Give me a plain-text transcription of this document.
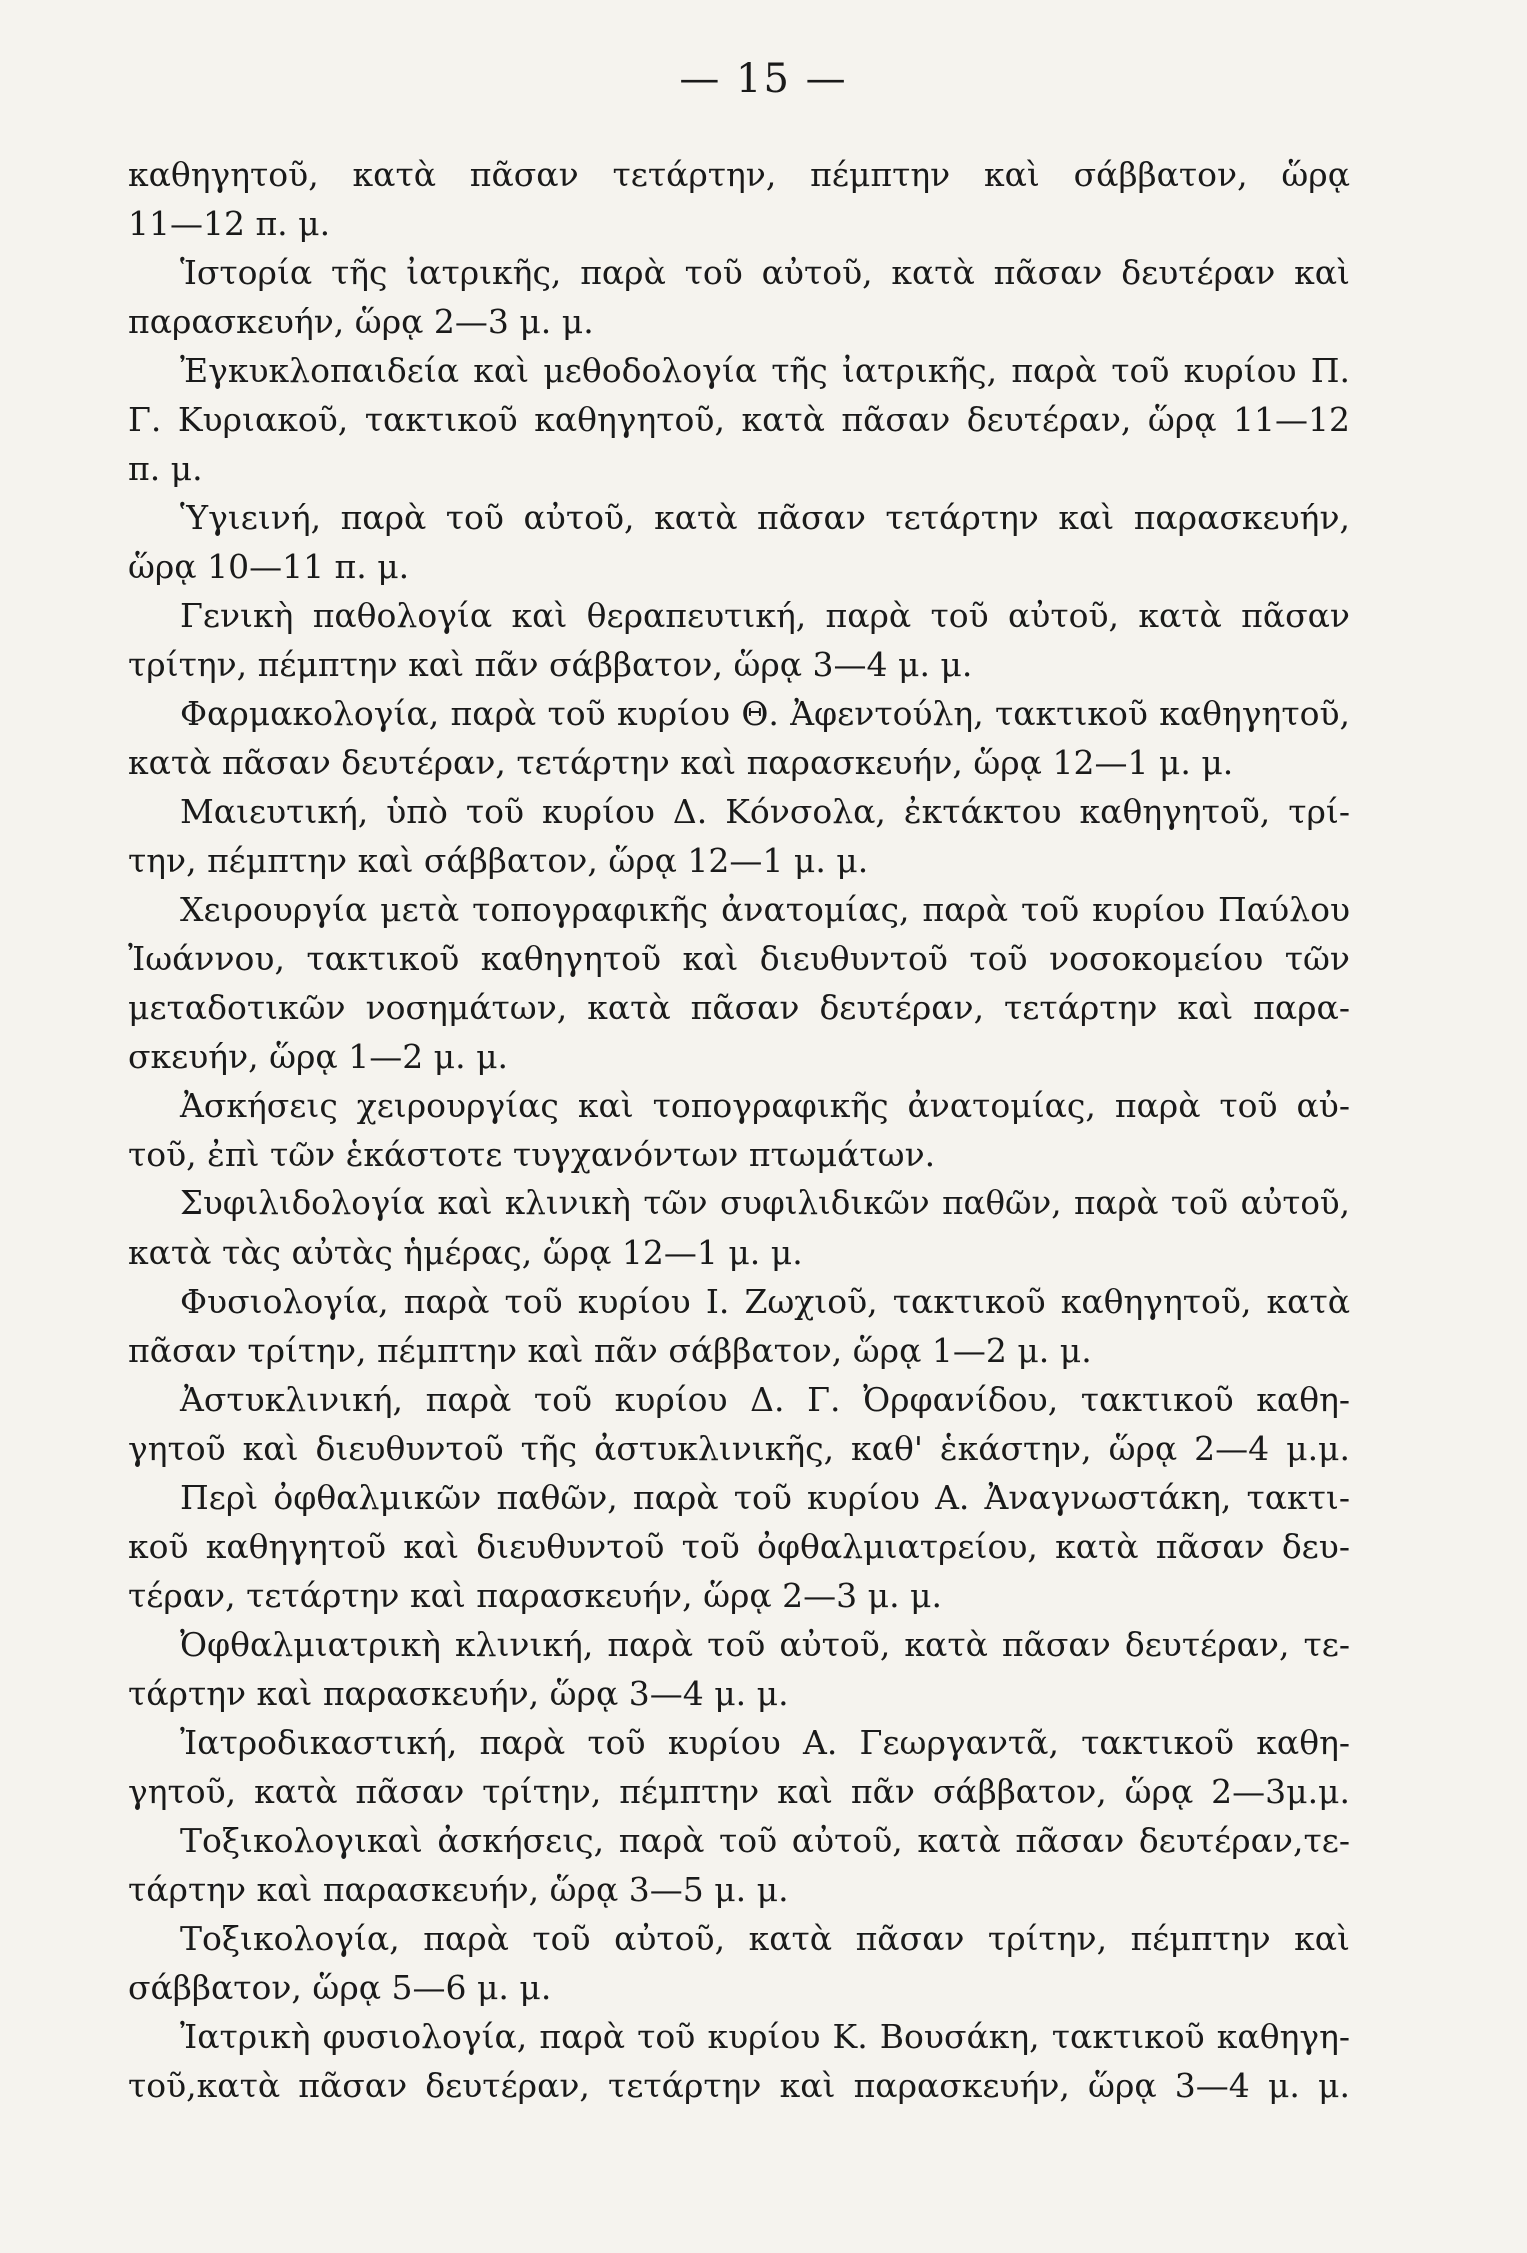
— 15 —
καθηγητοῦ, κατὰ πᾶσαν τετάρτην, πέμπτην καὶ σάββατον, ὥρᾳ
11—12 π. μ.
Ἱστορία τῆς ἰατρικῆς, παρὰ τοῦ αὐτοῦ, κατὰ πᾶσαν δευτέραν καὶ
παρασκευήν, ὥρᾳ 2—3 μ. μ.
Ἐγκυκλοπαιδεία καὶ μεθοδολογία τῆς ἰατρικῆς, παρὰ τοῦ κυρίου Π.
Γ. Κυριακοῦ, τακτικοῦ καθηγητοῦ, κατὰ πᾶσαν δευτέραν, ὥρᾳ 11—12
π. μ.
Ὑγιεινή, παρὰ τοῦ αὐτοῦ, κατὰ πᾶσαν τετάρτην καὶ παρασκευήν,
ὥρᾳ 10—11 π. μ.
Γενικὴ παθολογία καὶ θεραπευτική, παρὰ τοῦ αὐτοῦ, κατὰ πᾶσαν
τρίτην, πέμπτην καὶ πᾶν σάββατον, ὥρᾳ 3—4 μ. μ.
Φαρμακολογία, παρὰ τοῦ κυρίου Θ. Ἀφεντούλη, τακτικοῦ καθηγητοῦ,
κατὰ πᾶσαν δευτέραν, τετάρτην καὶ παρασκευήν, ὥρᾳ 12—1 μ. μ.
Μαιευτική, ὑπὸ τοῦ κυρίου Δ. Κόνσολα, ἐκτάκτου καθηγητοῦ, τρί-
την, πέμπτην καὶ σάββατον, ὥρᾳ 12—1 μ. μ.
Χειρουργία μετὰ τοπογραφικῆς ἀνατομίας, παρὰ τοῦ κυρίου Παύλου
Ἰωάννου, τακτικοῦ καθηγητοῦ καὶ διευθυντοῦ τοῦ νοσοκομείου τῶν
μεταδοτικῶν νοσημάτων, κατὰ πᾶσαν δευτέραν, τετάρτην καὶ παρα-
σκευήν, ὥρᾳ 1—2 μ. μ.
Ἀσκήσεις χειρουργίας καὶ τοπογραφικῆς ἀνατομίας, παρὰ τοῦ αὐ-
τοῦ, ἐπὶ τῶν ἑκάστοτε τυγχανόντων πτωμάτων.
Συφιλιδολογία καὶ κλινικὴ τῶν συφιλιδικῶν παθῶν, παρὰ τοῦ αὐτοῦ,
κατὰ τὰς αὐτὰς ἡμέρας, ὥρᾳ 12—1 μ. μ.
Φυσιολογία, παρὰ τοῦ κυρίου Ι. Ζωχιοῦ, τακτικοῦ καθηγητοῦ, κατὰ
πᾶσαν τρίτην, πέμπτην καὶ πᾶν σάββατον, ὥρᾳ 1—2 μ. μ.
Ἀστυκλινική, παρὰ τοῦ κυρίου Δ. Γ. Ὀρφανίδου, τακτικοῦ καθη-
γητοῦ καὶ διευθυντοῦ τῆς ἀστυκλινικῆς, καθ' ἑκάστην, ὥρᾳ 2—4 μ.μ.
Περὶ ὀφθαλμικῶν παθῶν, παρὰ τοῦ κυρίου Α. Ἀναγνωστάκη, τακτι-
κοῦ καθηγητοῦ καὶ διευθυντοῦ τοῦ ὀφθαλμιατρείου, κατὰ πᾶσαν δευ-
τέραν, τετάρτην καὶ παρασκευήν, ὥρᾳ 2—3 μ. μ.
Ὀφθαλμιατρικὴ κλινική, παρὰ τοῦ αὐτοῦ, κατὰ πᾶσαν δευτέραν, τε-
τάρτην καὶ παρασκευήν, ὥρᾳ 3—4 μ. μ.
Ἰατροδικαστική, παρὰ τοῦ κυρίου Α. Γεωργαντᾶ, τακτικοῦ καθη-
γητοῦ, κατὰ πᾶσαν τρίτην, πέμπτην καὶ πᾶν σάββατον, ὥρᾳ 2—3μ.μ.
Τοξικολογικαὶ ἀσκήσεις, παρὰ τοῦ αὐτοῦ, κατὰ πᾶσαν δευτέραν,τε-
τάρτην καὶ παρασκευήν, ὥρᾳ 3—5 μ. μ.
Τοξικολογία, παρὰ τοῦ αὐτοῦ, κατὰ πᾶσαν τρίτην, πέμπτην καὶ
σάββατον, ὥρᾳ 5—6 μ. μ.
Ἰατρικὴ φυσιολογία, παρὰ τοῦ κυρίου Κ. Βουσάκη, τακτικοῦ καθηγη-
τοῦ,κατὰ πᾶσαν δευτέραν, τετάρτην καὶ παρασκευήν, ὥρᾳ 3—4 μ. μ.
